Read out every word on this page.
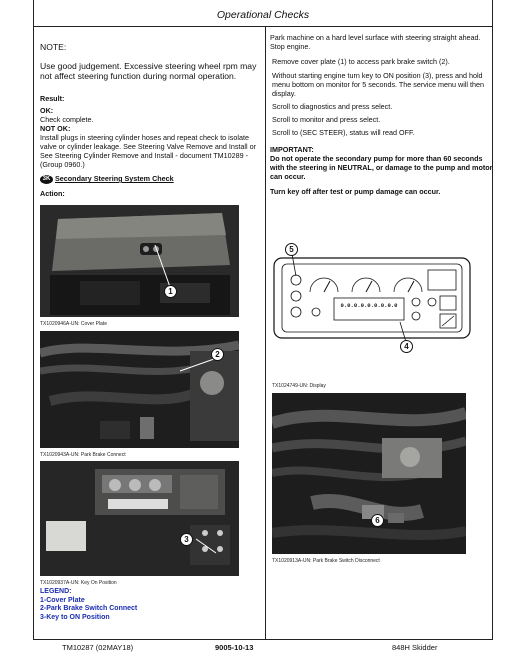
Operational Checks
NOTE:
Use good judgement. Excessive steering wheel rpm may not affect steering function during normal operation.
Result:
OK:
Check complete.
NOT OK:
Install plugs in steering cylinder hoses and repeat check to isolate valve or cylinder leakage. See Steering Valve Remove and Install or See Steering Cylinder Remove and Install - document TM10289 - (Group 0960.)
3K Secondary Steering System Check
Action:
1
TX1020946A-UN: Cover Plate
2
TX1020943A-UN: Park Brake Connect
3
TX1020937A-UN: Key On Position
LEGEND:
1-Cover Plate
2-Park Brake Switch Connect
3-Key to ON Position
Park machine on a hard level surface with steering straight ahead. Stop engine.
Remove cover plate (1) to access park brake switch (2).
Without starting engine turn key to ON position (3), press and hold menu bottom on monitor for 5 seconds. The service menu will then display.
Scroll to diagnostics and press select.
Scroll to monitor and press select.
Scroll to (SEC STEER), status will read OFF.
IMPORTANT:
Do not operate the secondary pump for more than 60 seconds with the steering in NEUTRAL, or damage to the pump and motor can occur.
Turn key off after test or pump damage can occur.
0.0.0.0.0.0.0.0.0
5
4
TX1024749-UN: Display
6
TX1020913A-UN: Park Brake Switch Disconnect
TM10287 (02MAY18)	9005-10-13	848H Skidder
